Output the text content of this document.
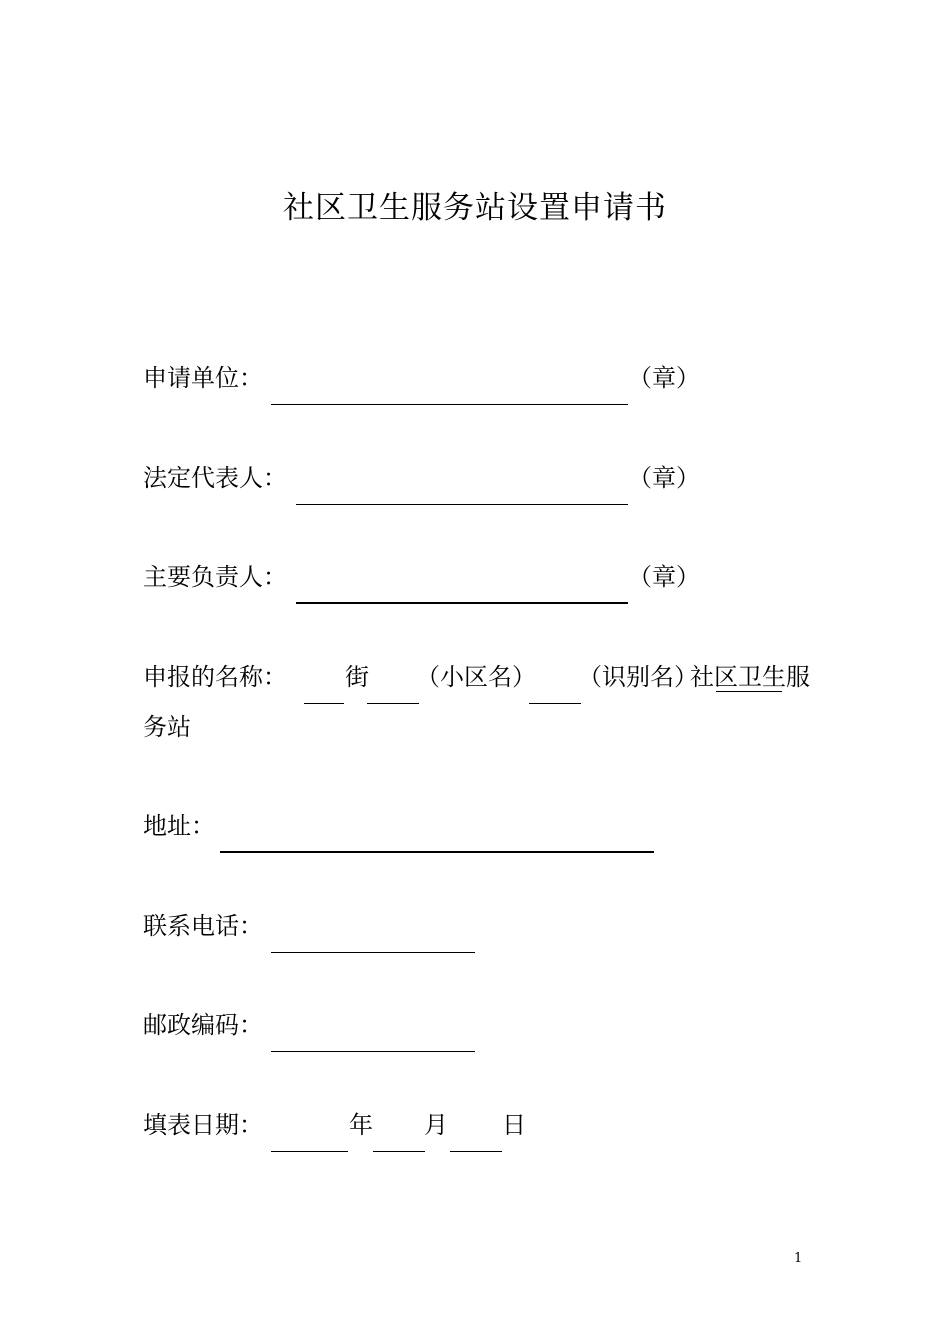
社区卫生服务站设置申请书
申请单位：	（章）
法定代表人：	（章）
主要负责人：	（章）
申报的名称： 街 （小区名） （识别名）
社区卫生服
务站
地址：
联系电话：
邮政编码：
填表日期：	年 月 日
1
